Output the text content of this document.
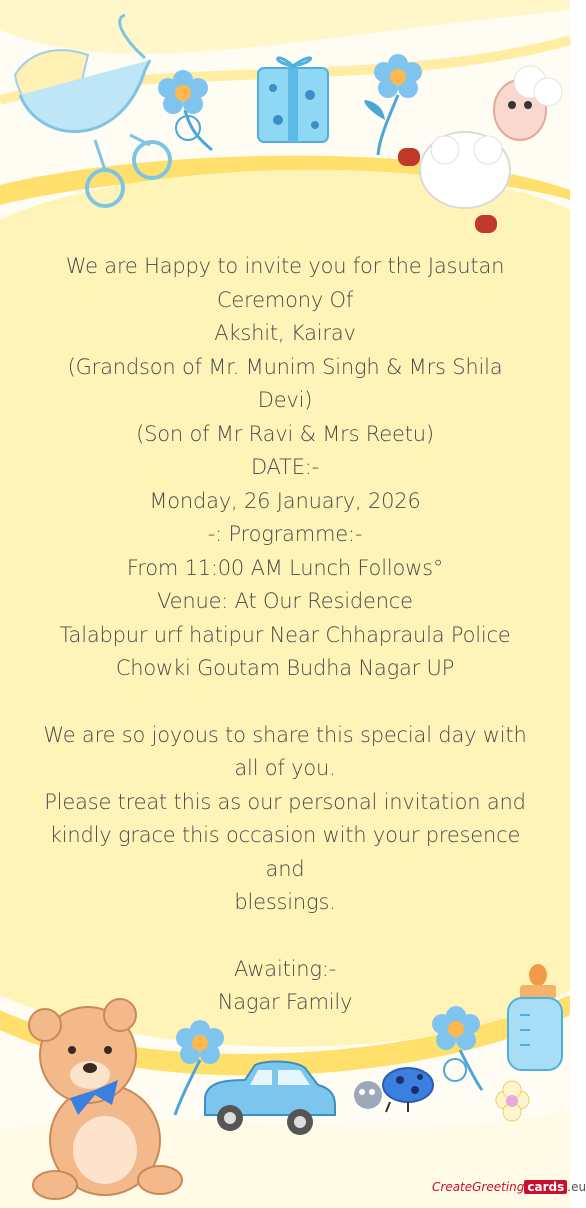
We are Happy to invite you for the Jasutan

Ceremony Of

Akshit, Kairav

(Grandson of Mr. Munim Singh & Mrs Shila

Devi)

(Son of Mr Ravi & Mrs Reetu)

DATE:-

Monday, 26 January, 2026

-: Programme:-

From 11:00 AM Lunch Follows°

Venue: At Our Residence

Talabpur urf hatipur Near Chhapraula Police

Chowki Goutam Budha Nagar UP

We are so joyous to share this special day with

all of you.

Please treat this as our personal invitation and

kindly grace this occasion with your presence and

blessings.

Awaiting:-

Nagar Family

CreateGreeting cards .eu
